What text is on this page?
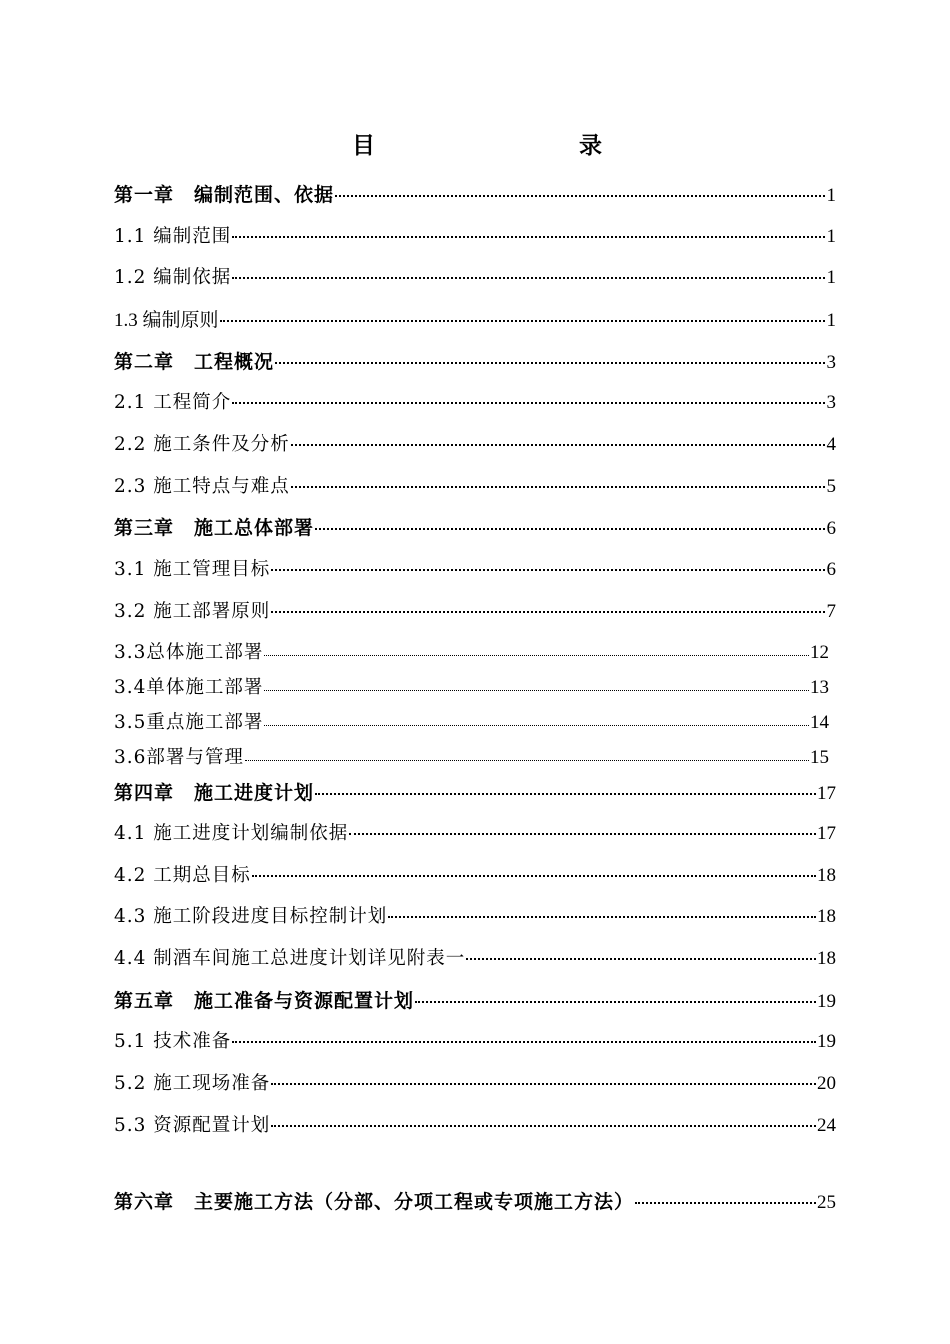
目	录
第一章　编制范围、依据	1
1.1 编制范围	1
1.2 编制依据	1
1.3 编制原则	1
第二章　工程概况	3
2.1 工程简介	3
2.2 施工条件及分析	4
2.3 施工特点与难点	5
第三章　施工总体部署	6
3.1 施工管理目标	6
3.2 施工部署原则	7
3.3总体施工部署	12
3.4单体施工部署	13
3.5重点施工部署	14
3.6部署与管理	15
第四章　施工进度计划	17
4.1 施工进度计划编制依据	17
4.2 工期总目标	18
4.3 施工阶段进度目标控制计划	18
4.4 制酒车间施工总进度计划详见附表一	18
第五章　施工准备与资源配置计划	19
5.1 技术准备	19
5.2 施工现场准备	20
5.3 资源配置计划	24
第六章　主要施工方法（分部、分项工程或专项施工方法）	25
